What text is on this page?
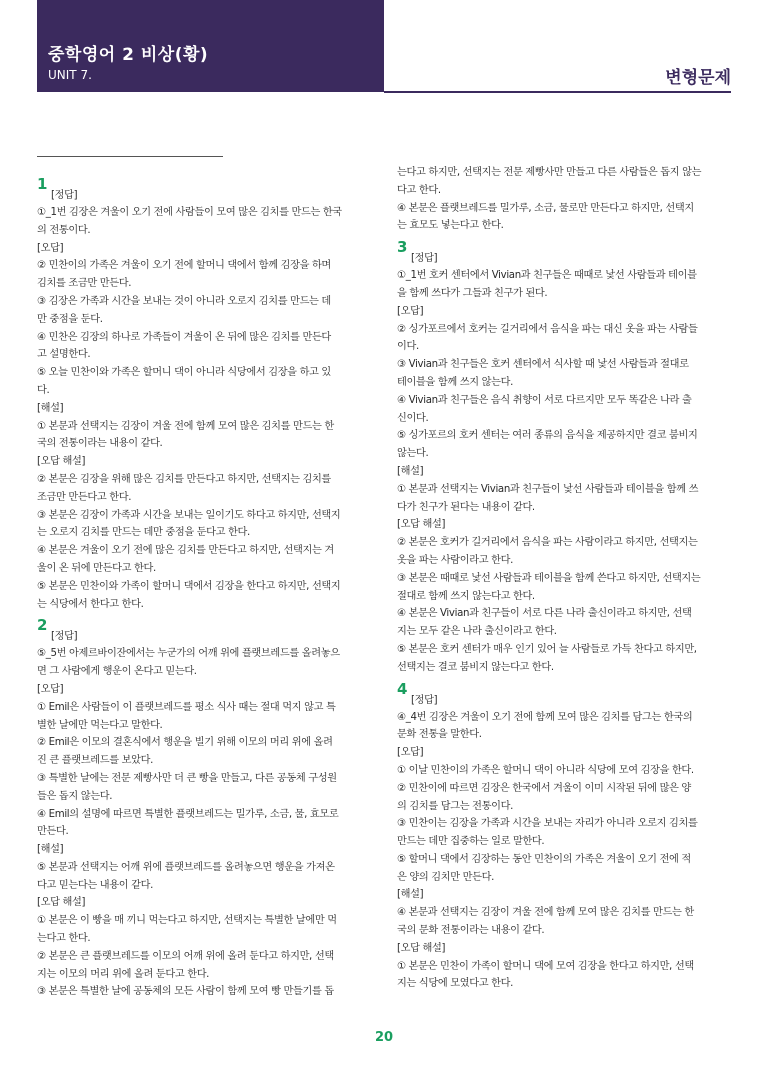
중학영어 2 비상(황)
UNIT 7.	변형문제
1
[정답]
①_1번 김장은 겨울이 오기 전에 사람들이 모여 많은 김치를 만드는 한국
의 전통이다.
[오답]
② 민찬이의 가족은 겨울이 오기 전에 할머니 댁에서 함께 김장을 하며
김치를 조금만 만든다.
③ 김장은 가족과 시간을 보내는 것이 아니라 오로지 김치를 만드는 데
만 중점을 둔다.
④ 민찬은 김장의 하나로 가족들이 겨울이 온 뒤에 많은 김치를 만든다
고 설명한다.
⑤ 오늘 민찬이와 가족은 할머니 댁이 아니라 식당에서 김장을 하고 있
다.
[해설]
① 본문과 선택지는 김장이 겨울 전에 함께 모여 많은 김치를 만드는 한
국의 전통이라는 내용이 같다.
[오답 해설]
② 본문은 김장을 위해 많은 김치를 만든다고 하지만, 선택지는 김치를
조금만 만든다고 한다.
③ 본문은 김장이 가족과 시간을 보내는 일이기도 하다고 하지만, 선택지
는 오로지 김치를 만드는 데만 중점을 둔다고 한다.
④ 본문은 겨울이 오기 전에 많은 김치를 만든다고 하지만, 선택지는 겨
울이 온 뒤에 만든다고 한다.
⑤ 본문은 민찬이와 가족이 할머니 댁에서 김장을 한다고 하지만, 선택지
는 식당에서 한다고 한다.
2
[정답]
⑤_5번 아제르바이잔에서는 누군가의 어깨 위에 플랫브레드를 올려놓으
면 그 사람에게 행운이 온다고 믿는다.
[오답]
① Emil은 사람들이 이 플랫브레드를 평소 식사 때는 절대 먹지 않고 특
별한 날에만 먹는다고 말한다.
② Emil은 이모의 결혼식에서 행운을 빌기 위해 이모의 머리 위에 올려
진 큰 플랫브레드를 보았다.
③ 특별한 날에는 전문 제빵사만 더 큰 빵을 만들고, 다른 공동체 구성원
들은 돕지 않는다.
④ Emil의 설명에 따르면 특별한 플랫브레드는 밀가루, 소금, 물, 효모로
만든다.
[해설]
⑤ 본문과 선택지는 어깨 위에 플랫브레드를 올려놓으면 행운을 가져온
다고 믿는다는 내용이 같다.
[오답 해설]
① 본문은 이 빵을 매 끼니 먹는다고 하지만, 선택지는 특별한 날에만 먹
는다고 한다.
② 본문은 큰 플랫브레드를 이모의 어깨 위에 올려 둔다고 하지만, 선택
지는 이모의 머리 위에 올려 둔다고 한다.
③ 본문은 특별한 날에 공동체의 모든 사람이 함께 모여 빵 만들기를 돕
는다고 하지만, 선택지는 전문 제빵사만 만들고 다른 사람들은 돕지 않는
다고 한다.
④ 본문은 플랫브레드를 밀가루, 소금, 물로만 만든다고 하지만, 선택지
는 효모도 넣는다고 한다.
3
[정답]
①_1번 호커 센터에서 Vivian과 친구들은 때때로 낯선 사람들과 테이블
을 함께 쓰다가 그들과 친구가 된다.
[오답]
② 싱가포르에서 호커는 길거리에서 음식을 파는 대신 옷을 파는 사람들
이다.
③ Vivian과 친구들은 호커 센터에서 식사할 때 낯선 사람들과 절대로
테이블을 함께 쓰지 않는다.
④ Vivian과 친구들은 음식 취향이 서로 다르지만 모두 똑같은 나라 출
신이다.
⑤ 싱가포르의 호커 센터는 여러 종류의 음식을 제공하지만 결코 붐비지
않는다.
[해설]
① 본문과 선택지는 Vivian과 친구들이 낯선 사람들과 테이블을 함께 쓰
다가 친구가 된다는 내용이 같다.
[오답 해설]
② 본문은 호커가 길거리에서 음식을 파는 사람이라고 하지만, 선택지는
옷을 파는 사람이라고 한다.
③ 본문은 때때로 낯선 사람들과 테이블을 함께 쓴다고 하지만, 선택지는
절대로 함께 쓰지 않는다고 한다.
④ 본문은 Vivian과 친구들이 서로 다른 나라 출신이라고 하지만, 선택
지는 모두 같은 나라 출신이라고 한다.
⑤ 본문은 호커 센터가 매우 인기 있어 늘 사람들로 가득 찬다고 하지만,
선택지는 결코 붐비지 않는다고 한다.
4
[정답]
④_4번 김장은 겨울이 오기 전에 함께 모여 많은 김치를 담그는 한국의
문화 전통을 말한다.
[오답]
① 이날 민찬이의 가족은 할머니 댁이 아니라 식당에 모여 김장을 한다.
② 민찬이에 따르면 김장은 한국에서 겨울이 이미 시작된 뒤에 많은 양
의 김치를 담그는 전통이다.
③ 민찬이는 김장을 가족과 시간을 보내는 자리가 아니라 오로지 김치를
만드는 데만 집중하는 일로 말한다.
⑤ 할머니 댁에서 김장하는 동안 민찬이의 가족은 겨울이 오기 전에 적
은 양의 김치만 만든다.
[해설]
④ 본문과 선택지는 김장이 겨울 전에 함께 모여 많은 김치를 만드는 한
국의 문화 전통이라는 내용이 같다.
[오답 해설]
① 본문은 민찬이 가족이 할머니 댁에 모여 김장을 한다고 하지만, 선택
지는 식당에 모였다고 한다.
20
